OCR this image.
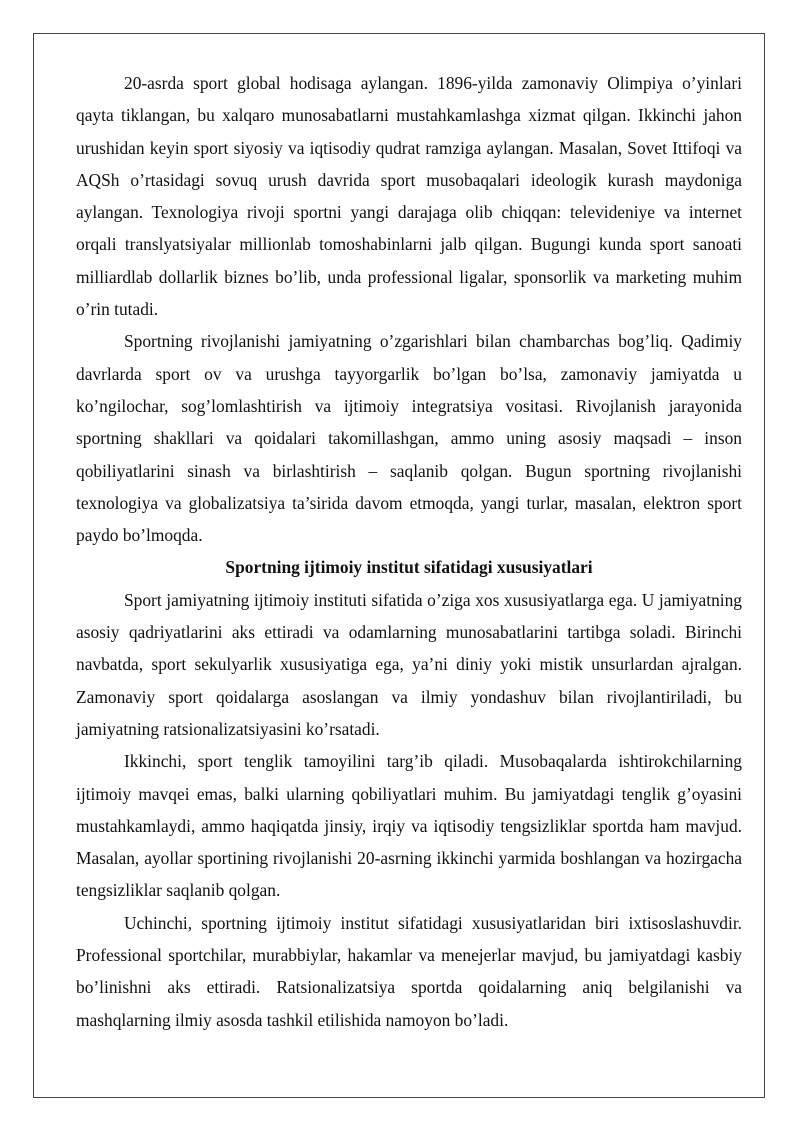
20-asrda sport global hodisaga aylangan. 1896-yilda zamonaviy Olimpiya o’yinlari qayta tiklangan, bu xalqaro munosabatlarni mustahkamlashga xizmat qilgan. Ikkinchi jahon urushidan keyin sport siyosiy va iqtisodiy qudrat ramziga aylangan. Masalan, Sovet Ittifoqi va AQSh o’rtasidagi sovuq urush davrida sport musobaqalari ideologik kurash maydoniga aylangan. Texnologiya rivoji sportni yangi darajaga olib chiqqan: televideniye va internet orqali translyatsiyalar millionlab tomoshabinlarni jalb qilgan. Bugungi kunda sport sanoati milliardlab dollarlik biznes bo’lib, unda professional ligalar, sponsorlik va marketing muhim o’rin tutadi.

Sportning rivojlanishi jamiyatning o’zgarishlari bilan chambarchas bog’liq. Qadimiy davrlarda sport ov va urushga tayyorgarlik bo’lgan bo’lsa, zamonaviy jamiyatda u ko’ngilochar, sog’lomlashtirish va ijtimoiy integratsiya vositasi. Rivojlanish jarayonida sportning shakllari va qoidalari takomillashgan, ammo uning asosiy maqsadi – inson qobiliyatlarini sinash va birlashtirish – saqlanib qolgan. Bugun sportning rivojlanishi texnologiya va globalizatsiya ta’sirida davom etmoqda, yangi turlar, masalan, elektron sport paydo bo’lmoqda.

Sportning ijtimoiy institut sifatidagi xususiyatlari

Sport jamiyatning ijtimoiy instituti sifatida o’ziga xos xususiyatlarga ega. U jamiyatning asosiy qadriyatlarini aks ettiradi va odamlarning munosabatlarini tartibga soladi. Birinchi navbatda, sport sekulyarlik xususiyatiga ega, ya’ni diniy yoki mistik unsurlardan ajralgan. Zamonaviy sport qoidalarga asoslangan va ilmiy yondashuv bilan rivojlantiriladi, bu jamiyatning ratsionalizatsiyasini ko’rsatadi.

Ikkinchi, sport tenglik tamoyilini targ’ib qiladi. Musobaqalarda ishtirokchilarning ijtimoiy mavqei emas, balki ularning qobiliyatlari muhim. Bu jamiyatdagi tenglik g’oyasini mustahkamlaydi, ammo haqiqatda jinsiy, irqiy va iqtisodiy tengsizliklar sportda ham mavjud. Masalan, ayollar sportining rivojlanishi 20-asrning ikkinchi yarmida boshlangan va hozirgacha tengsizliklar saqlanib qolgan.

Uchinchi, sportning ijtimoiy institut sifatidagi xususiyatlaridan biri ixtisoslashuvdir. Professional sportchilar, murabbiylar, hakamlar va menejerlar mavjud, bu jamiyatdagi kasbiy bo’linishni aks ettiradi. Ratsionalizatsiya sportda qoidalarning aniq belgilanishi va mashqlarning ilmiy asosda tashkil etilishida namoyon bo’ladi.
